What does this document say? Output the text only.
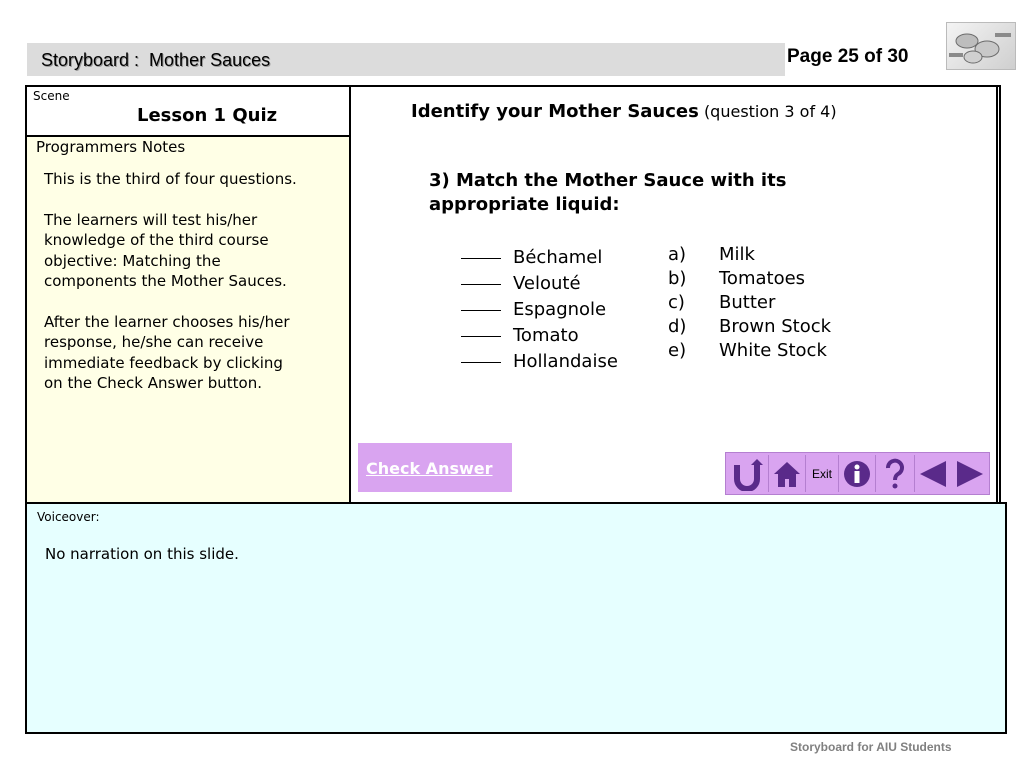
Storyboard :  Mother Sauces	Page 25 of 30
Voiceover:
No narration on this slide.
Scene
Lesson 1 Quiz
Programmers Notes
This is the third of four questions.
The learners will test his/her knowledge of the third course objective: Matching the components the Mother Sauces.
After the learner chooses his/her response, he/she can receive immediate feedback by clicking on the Check Answer button.
Identify your Mother Sauces (question 3 of 4)
3) Match the Mother Sauce with its appropriate liquid:
Béchamel
Velouté
Espagnole
Tomato
Hollandaise
a) Milk
b) Tomatoes
c) Butter
d) Brown Stock
e) White Stock
Check Answer	Exit
Storyboard for AIU Students
